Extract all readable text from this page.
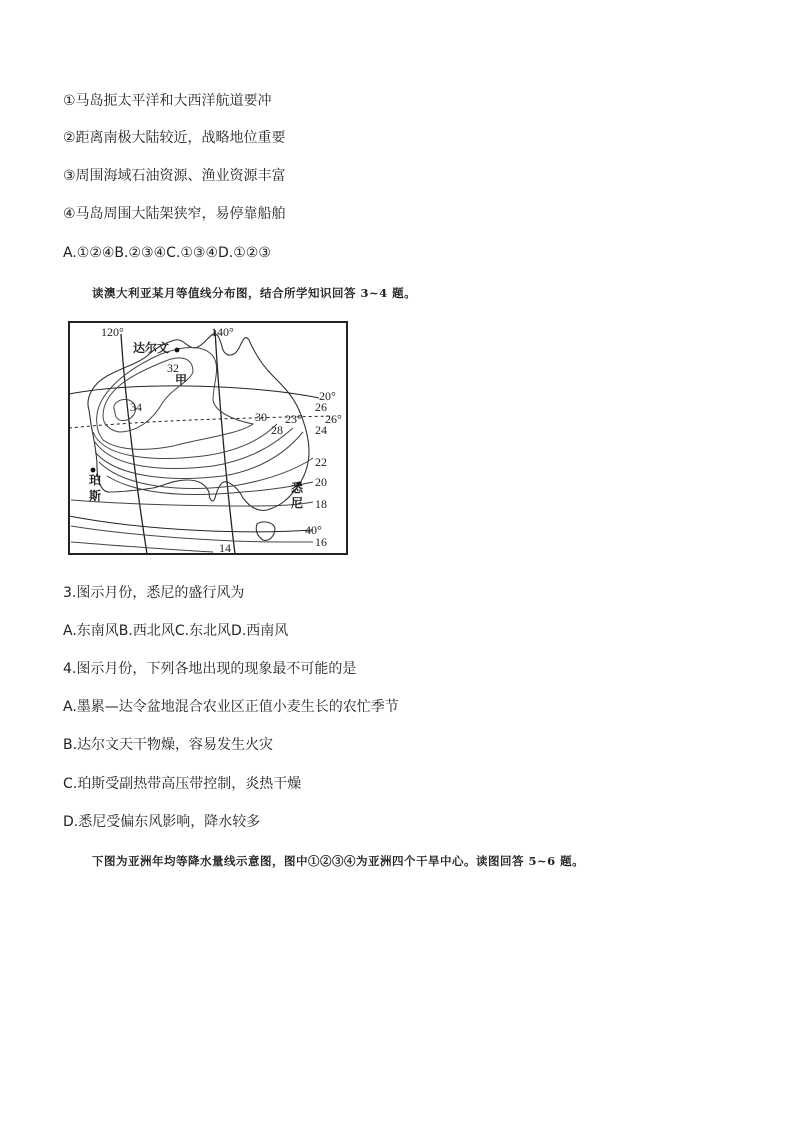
①马岛扼太平洋和大西洋航道要冲
②距离南极大陆较近，战略地位重要
③周围海域石油资源、渔业资源丰富
④马岛周围大陆架狭窄，易停靠船舶
A.①②④B.②③④C.①③④D.①②③
读澳大利亚某月等值线分布图，结合所学知识回答 3~4 题。
120°	140°
20°
26°
23°
40°
34
32
30
28
26
24
22
20
18
16
14
达尔文
甲
珀
斯
悉
尼
3.图示月份，悉尼的盛行风为
A.东南风B.西北风C.东北风D.西南风
4.图示月份，下列各地出现的现象最不可能的是
A.墨累—达令盆地混合农业区正值小麦生长的农忙季节
B.达尔文天干物燥，容易发生火灾
C.珀斯受副热带高压带控制，炎热干燥
D.悉尼受偏东风影响，降水较多
下图为亚洲年均等降水量线示意图，图中①②③④为亚洲四个干旱中心。读图回答 5~6 题。
